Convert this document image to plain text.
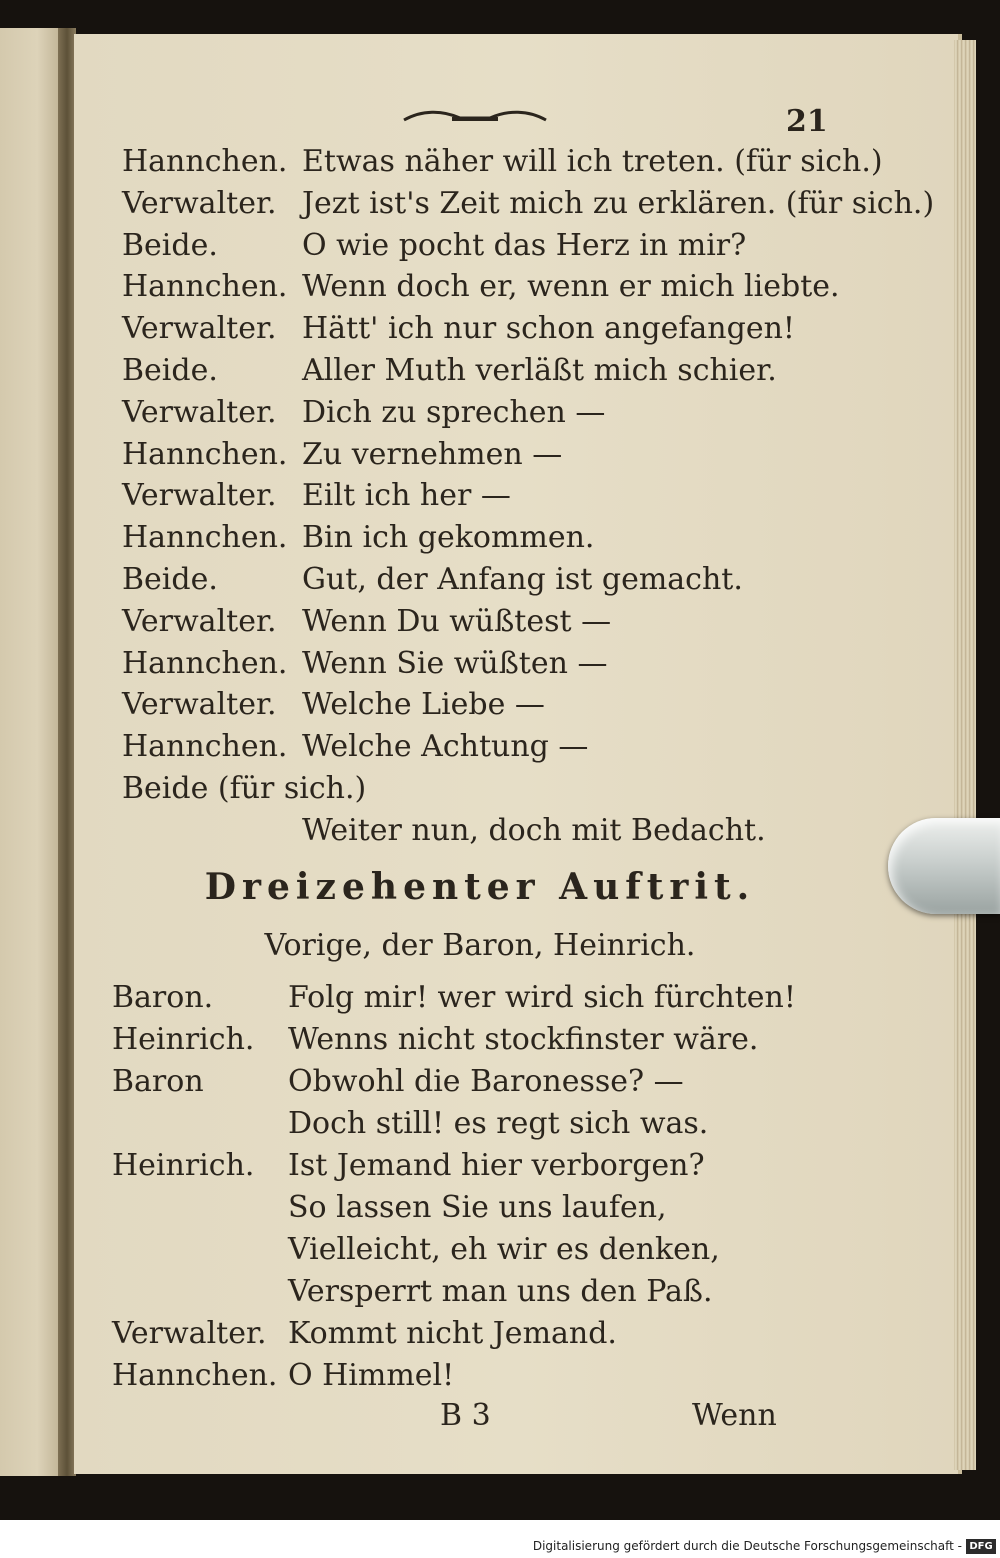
21
Hannchen. Etwas näher will ich treten. (für sich.)
Verwalter. Jezt ist's Zeit mich zu erklären. (für sich.)
Beide.	O wie pocht das Herz in mir?
Hannchen. Wenn doch er, wenn er mich liebte.
Verwalter. Hätt' ich nur schon angefangen!
Beide.	Aller Muth verläßt mich schier.
Verwalter. Dich zu sprechen —
Hannchen. Zu vernehmen —
Verwalter. Eilt ich her —
Hannchen. Bin ich gekommen.
Beide.	Gut, der Anfang ist gemacht.
Verwalter. Wenn Du wüßtest —
Hannchen. Wenn Sie wüßten —
Verwalter. Welche Liebe —
Hannchen. Welche Achtung —
Beide (für sich.)
Weiter nun, doch mit Bedacht.
Dreizehenter Auftrit.
Vorige, der Baron, Heinrich.
Baron. Folg mir! wer wird sich fürchten!
Heinrich. Wenns nicht stockfinster wäre.
Baron	Obwohl die Baronesse? —
Doch still! es regt sich was.
Heinrich. Ist Jemand hier verborgen?
So lassen Sie uns laufen,
Vielleicht, eh wir es denken,
Versperrt man uns den Paß.
Verwalter. Kommt nicht Jemand.
Hannchen. O Himmel!
B 3	Wenn
Digitalisierung gefördert durch die Deutsche Forschungsgemeinschaft - DFG
